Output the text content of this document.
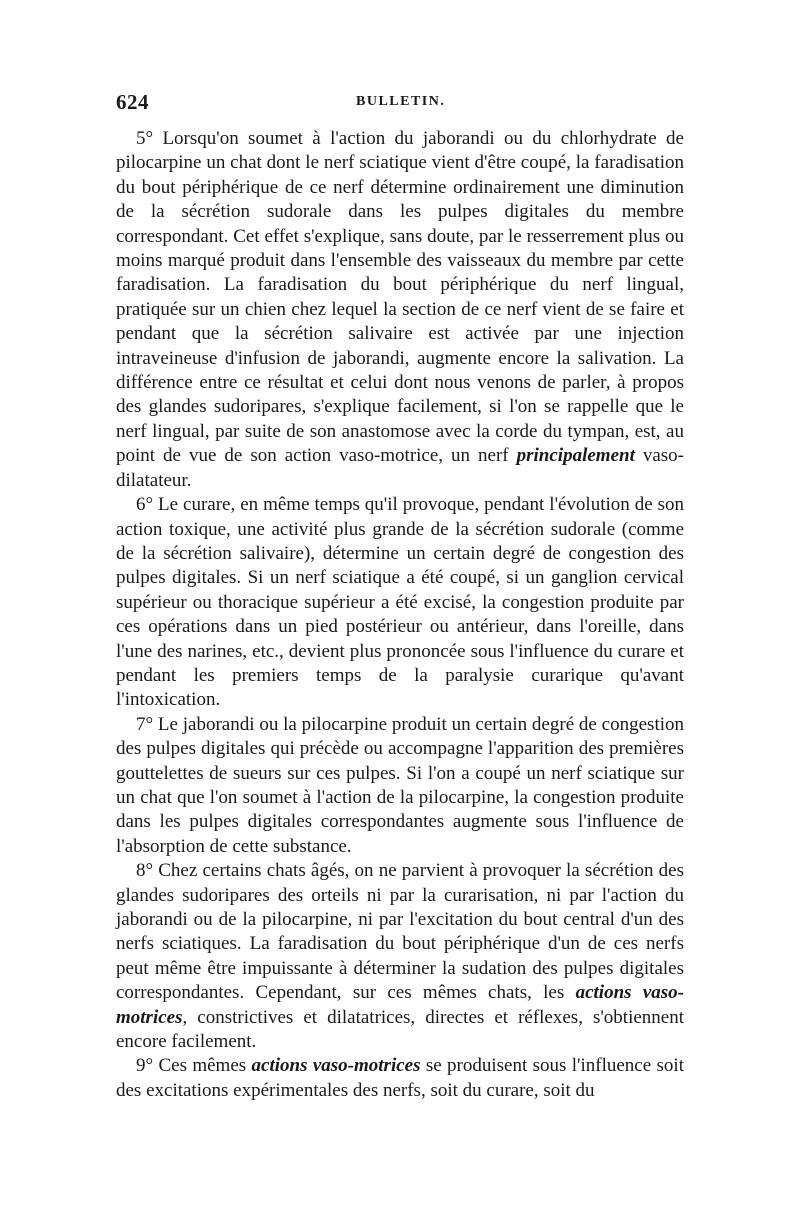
624	BULLETIN.

5° Lorsqu'on soumet à l'action du jaborandi ou du chlorhydrate de pilocarpine un chat dont le nerf sciatique vient d'être coupé, la faradisation du bout périphérique de ce nerf détermine ordinairement une diminution de la sécrétion sudorale dans les pulpes digitales du membre correspondant. Cet effet s'explique, sans doute, par le resserrement plus ou moins marqué produit dans l'ensemble des vaisseaux du membre par cette faradisation. La faradisation du bout périphérique du nerf lingual, pratiquée sur un chien chez lequel la section de ce nerf vient de se faire et pendant que la sécrétion salivaire est activée par une injection intraveineuse d'infusion de jaborandi, augmente encore la salivation. La différence entre ce résultat et celui dont nous venons de parler, à propos des glandes sudoripares, s'explique facilement, si l'on se rappelle que le nerf lingual, par suite de son anastomose avec la corde du tympan, est, au point de vue de son action vaso-motrice, un nerf principalement vaso-dilatateur.

6° Le curare, en même temps qu'il provoque, pendant l'évolution de son action toxique, une activité plus grande de la sécrétion sudorale (comme de la sécrétion salivaire), détermine un certain degré de congestion des pulpes digitales. Si un nerf sciatique a été coupé, si un ganglion cervical supérieur ou thoracique supérieur a été excisé, la congestion produite par ces opérations dans un pied postérieur ou antérieur, dans l'oreille, dans l'une des narines, etc., devient plus prononcée sous l'influence du curare et pendant les premiers temps de la paralysie curarique qu'avant l'intoxication.

7° Le jaborandi ou la pilocarpine produit un certain degré de congestion des pulpes digitales qui précède ou accompagne l'apparition des premières gouttelettes de sueurs sur ces pulpes. Si l'on a coupé un nerf sciatique sur un chat que l'on soumet à l'action de la pilocarpine, la congestion produite dans les pulpes digitales correspondantes augmente sous l'influence de l'absorption de cette substance.

8° Chez certains chats âgés, on ne parvient à provoquer la sécrétion des glandes sudoripares des orteils ni par la curarisation, ni par l'action du jaborandi ou de la pilocarpine, ni par l'excitation du bout central d'un des nerfs sciatiques. La faradisation du bout périphérique d'un de ces nerfs peut même être impuissante à déterminer la sudation des pulpes digitales correspondantes. Cependant, sur ces mêmes chats, les actions vaso-motrices, constrictives et dilatatrices, directes et réflexes, s'obtiennent encore facilement.

9° Ces mêmes actions vaso-motrices se produisent sous l'influence soit des excitations expérimentales des nerfs, soit du curare, soit du
